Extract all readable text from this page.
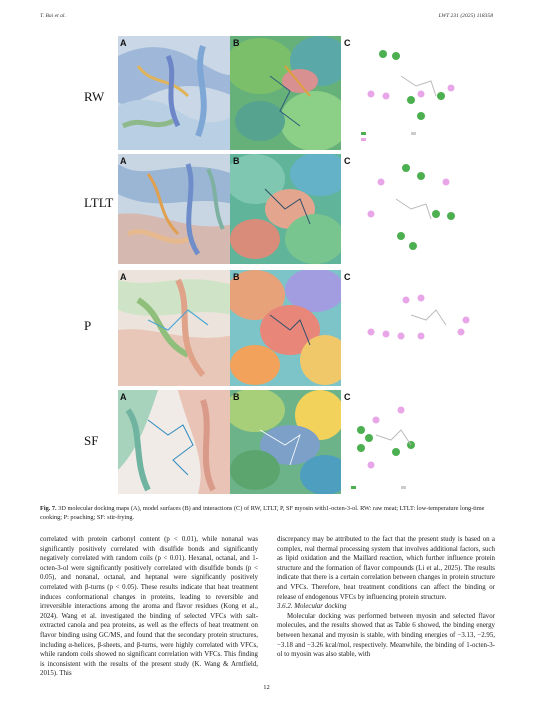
T. Bai et al.	LWT 231 (2025) 118358
RW
LTLT
P
SF
A	B	C
A	B	C
A	B	C
A	B	C
Fig. 7. 3D molecular docking maps (A), model surfaces (B) and interactions (C) of RW, LTLT, P, SF myosin with1-octen-3-ol. RW: raw meat; LTLT: low-temperature long-time cooking; P: poaching; SF: stir-frying.

correlated with protein carbonyl content (p < 0.01), while nonanal was significantly positively correlated with disulfide bonds and significantly negatively correlated with random coils (p < 0.01). Hexanal, octanal, and 1-octen-3-ol were significantly positively correlated with disulfide bonds (p < 0.05), and nonanal, octanal, and heptanal were significantly positively correlated with β-turns (p < 0.05). These results indicate that heat treatment induces conformational changes in proteins, leading to reversible and irreversible interactions among the aroma and flavor residues (Kong et al., 2024). Wang et al. investigated the binding of selected VFCs with salt-extracted canola and pea proteins, as well as the effects of heat treatment on flavor binding using GC/MS, and found that the secondary protein structures, including α-helices, β-sheets, and β-turns, were highly correlated with VFCs, while random coils showed no significant correlation with VFCs. This finding is inconsistent with the results of the present study (K. Wang & Arntfield, 2015). This

discrepancy may be attributed to the fact that the present study is based on a complex, real thermal processing system that involves additional factors, such as lipid oxidation and the Maillard reaction, which further influence protein structure and the formation of flavor compounds (Li et al., 2025). The results indicate that there is a certain correlation between changes in protein structure and VFCs. Therefore, heat treatment conditions can affect the binding or release of endogenous VFCs by influencing protein structure.

3.6.2. Molecular docking

Molecular docking was performed between myosin and selected flavor molecules, and the results showed that as Table 6 showed, the binding energy between hexanal and myosin is stable, with binding energies of −3.13, −2.95, −3.18 and −3.26 kcal/mol, respectively. Meanwhile, the binding of 1-octen-3-ol to myosin was also stable, with

12
